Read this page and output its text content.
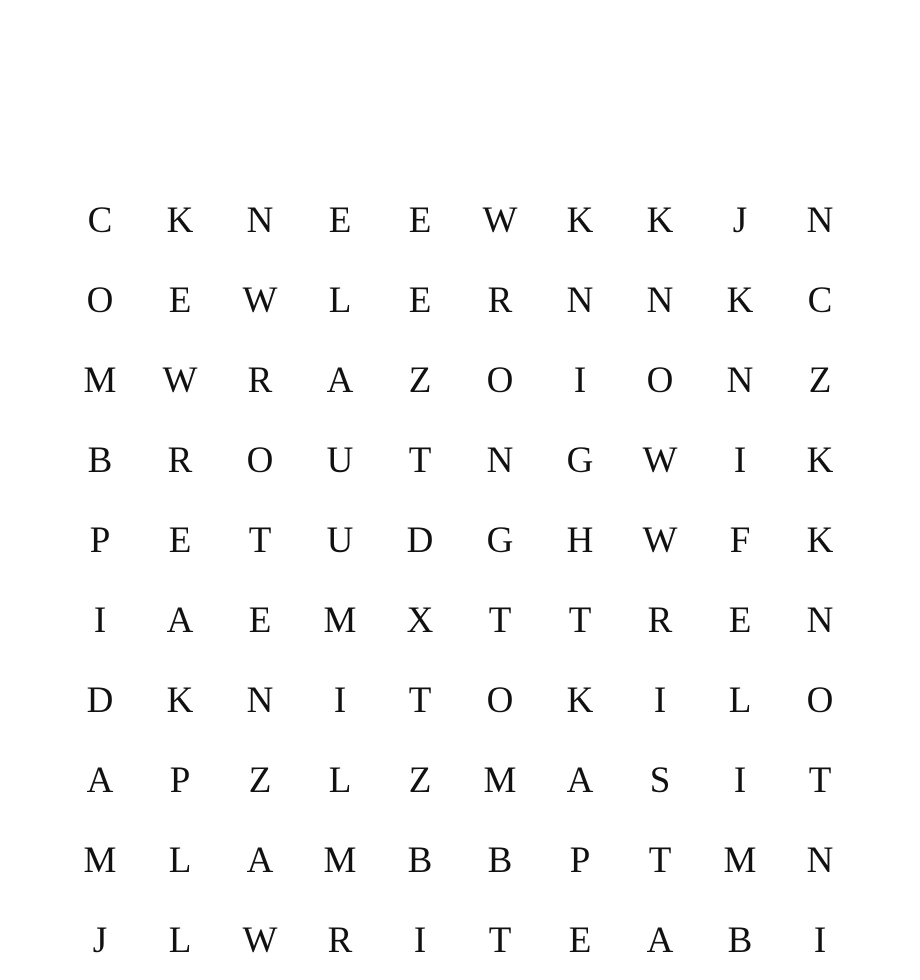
C	K	N	E	E	W	K	K	J	N
O	E	W	L	E	R	N	N	K	C
M	W	R	A	Z	O	I	O	N	Z
B	R	O	U	T	N	G	W	I	K
P	E	T	U	D	G	H	W	F	K
I	A	E	M	X	T	T	R	E	N
D	K	N	I	T	O	K	I	L	O
A	P	Z	L	Z	M	A	S	I	T
M	L	A	M	B	B	P	T	M	N
J	L	W	R	I	T	E	A	B	I
